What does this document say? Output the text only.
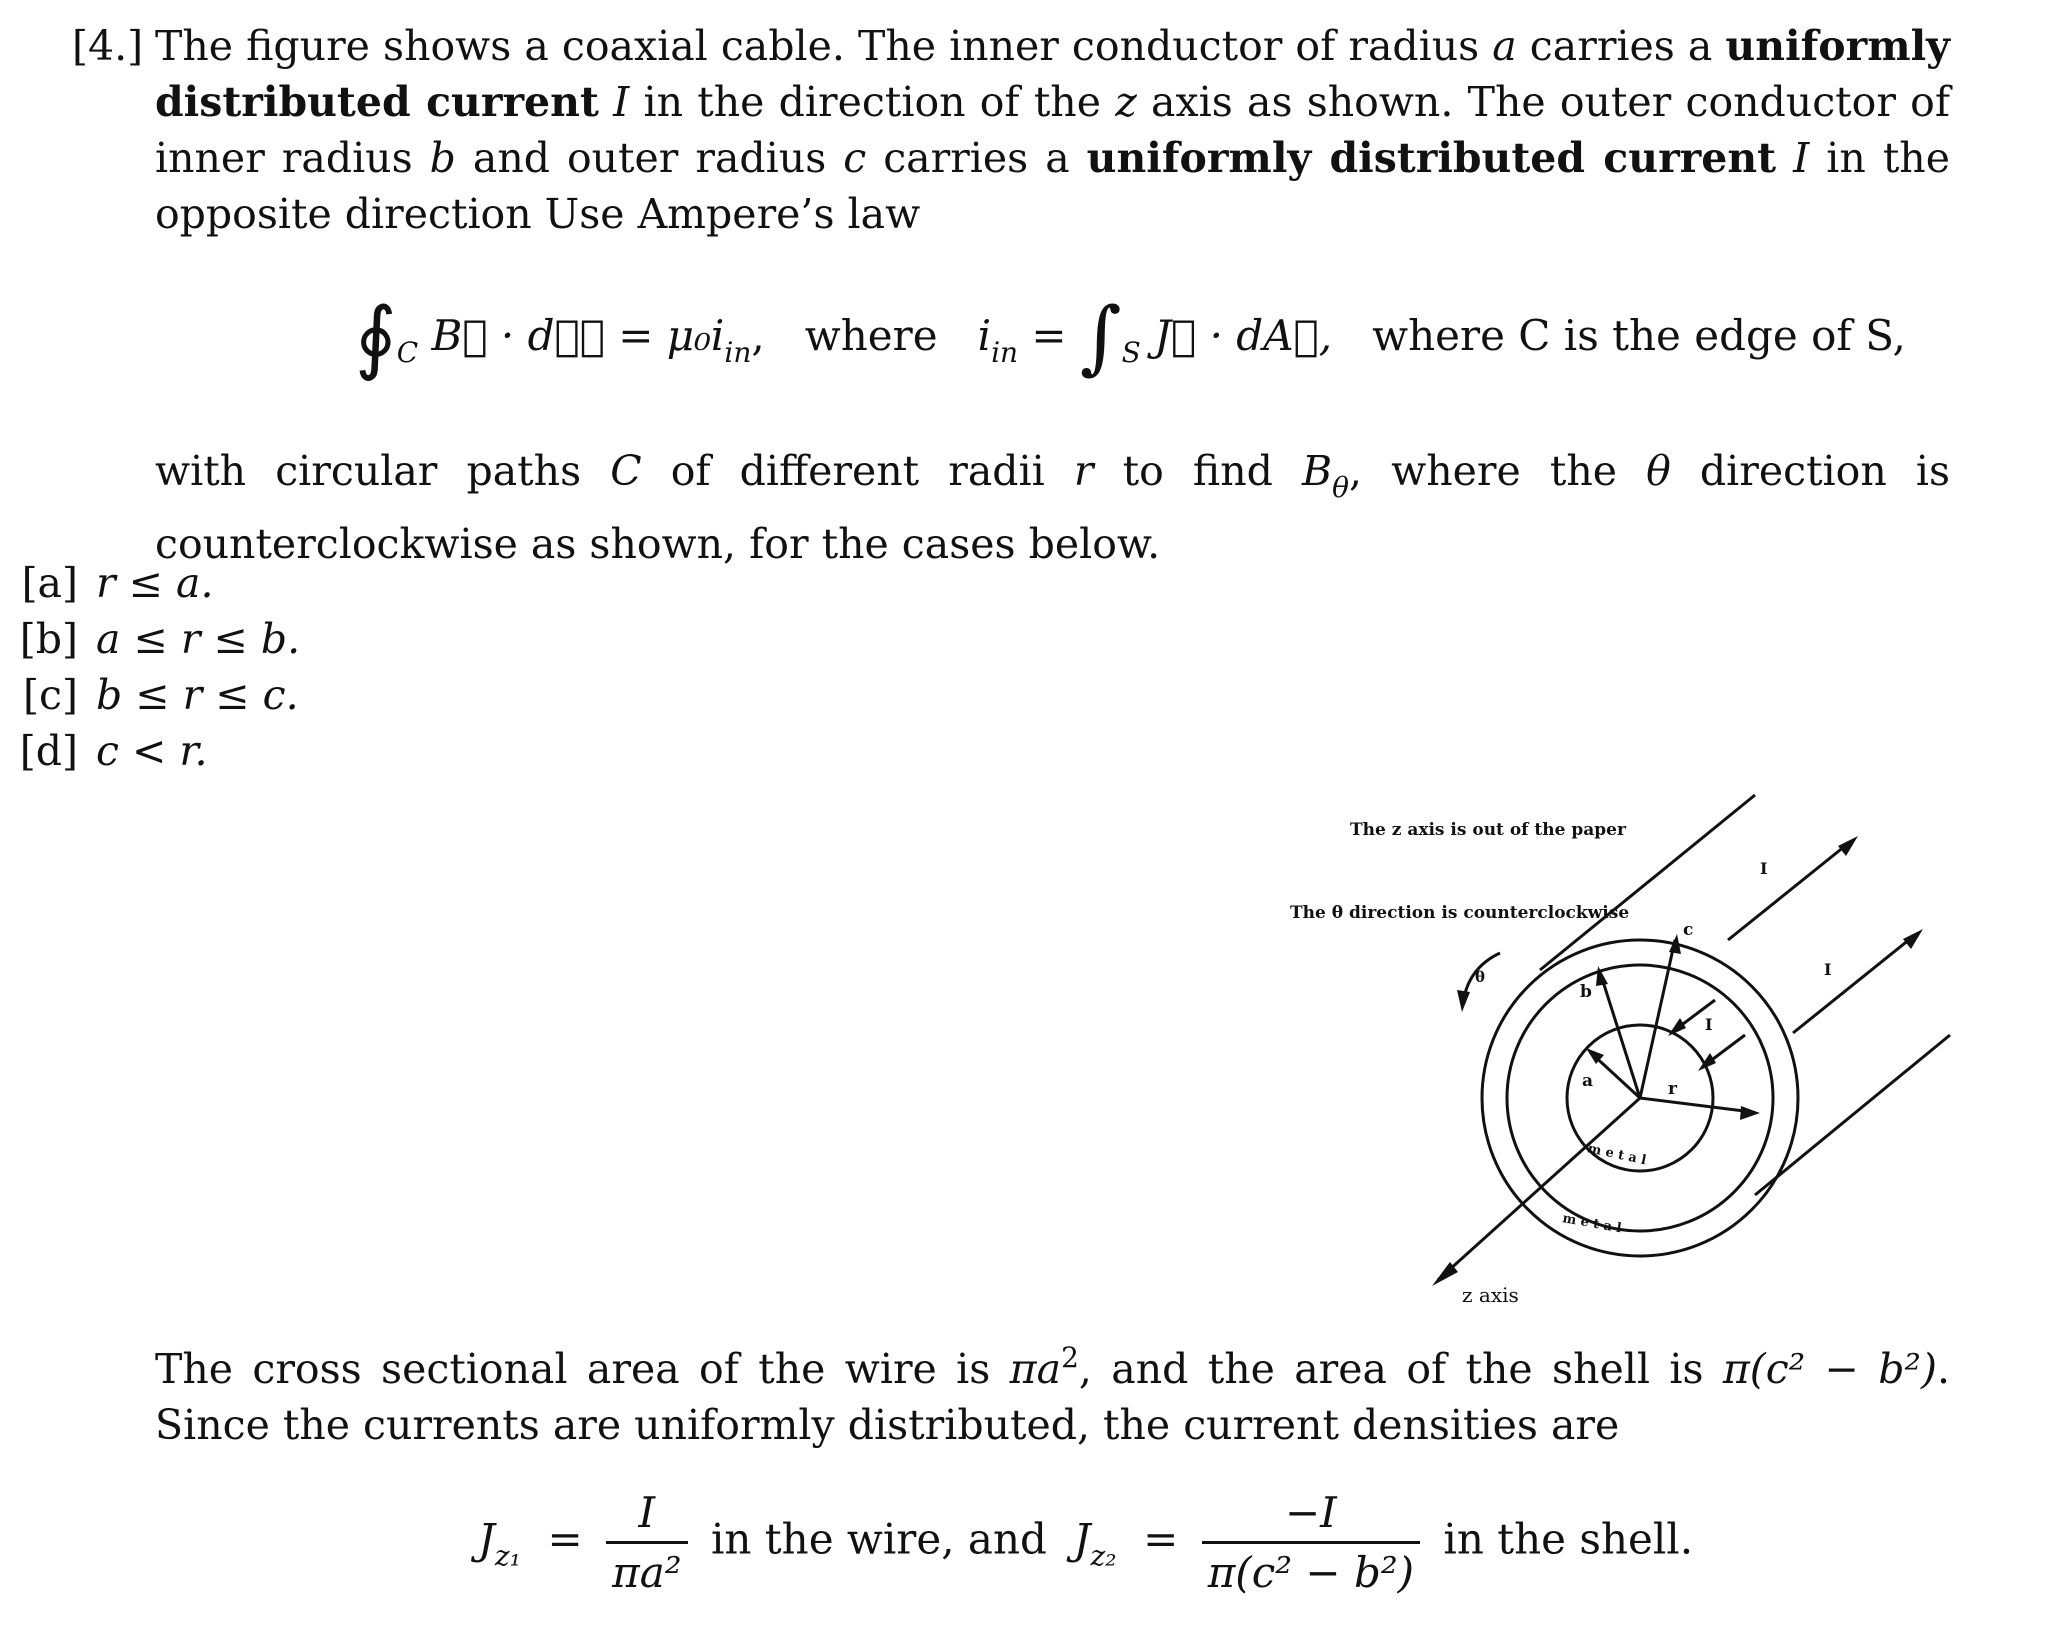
[4.] The figure shows a coaxial cable. The inner conductor of radius a carries a uniformly distributed current I in the direction of the z axis as shown. The outer conductor of inner radius b and outer radius c carries a uniformly distributed current I in the opposite direction Use Ampere’s law
$∮_C$ B⃗ · dℓ⃗ = $\mu_0i_{in}$, where $i_{in} = \int_S$ J⃗ · dA⃗, where C is the edge of S,
with circular paths C of different radii r to find $B_\theta$, where the θ direction is counterclockwise as shown, for the cases below.
[a] r ≤ a.
[b] a ≤ r ≤ b.
[c] b ≤ r ≤ c.
[d] c < r.
The z axis is out of the paper
The θ direction is counterclockwise
θ
a
b
c
r
I
I
I
m e t a l
m e t a l
z axis
The cross sectional area of the wire is $\pi a^2$, and the area of the shell is π(c² − b²). Since the currents are uniformly distributed, the current densities are
$J_{z_1} = \frac{I}{\text{πa²}}$ in the wire, and $J_{z_2} = \frac{-I}{\text{π(c² − b²)}}$ in the shell.
